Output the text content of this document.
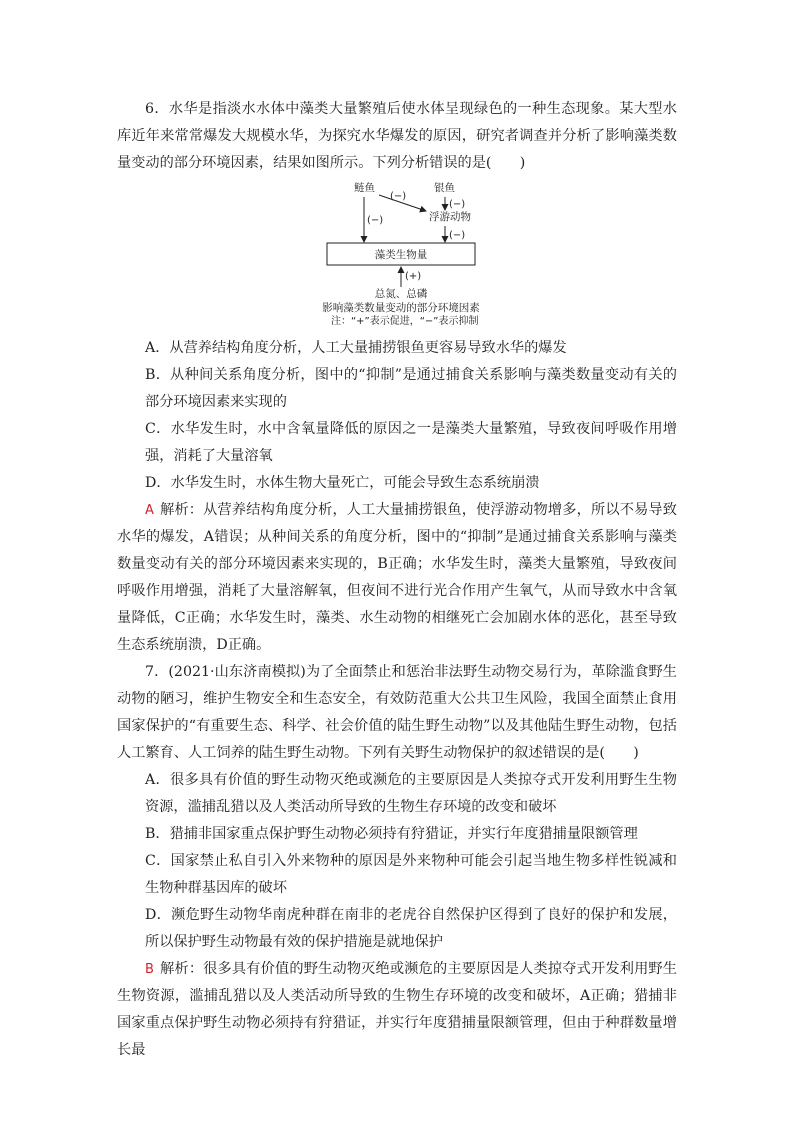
6．水华是指淡水水体中藻类大量繁殖后使水体呈现绿色的一种生态现象。某大型水库近年来常常爆发大规模水华，为探究水华爆发的原因，研究者调查并分析了影响藻类数量变动的部分环境因素，结果如图所示。下列分析错误的是(　　)

鲢鱼	银鱼
浮游动物
(−)
(−)
(−)
(−)
藻类生物量
(+)
总氮、总磷
影响藻类数量变动的部分环境因素
注：“+”表示促进，“−”表示抑制

A．从营养结构角度分析，人工大量捕捞银鱼更容易导致水华的爆发

B．从种间关系角度分析，图中的“抑制”是通过捕食关系影响与藻类数量变动有关的部分环境因素来实现的

C．水华发生时，水中含氧量降低的原因之一是藻类大量繁殖，导致夜间呼吸作用增强，消耗了大量溶氧

D．水华发生时，水体生物大量死亡，可能会导致生态系统崩溃

A 解析：从营养结构角度分析，人工大量捕捞银鱼，使浮游动物增多，所以不易导致水华的爆发，A错误；从种间关系的角度分析，图中的“抑制”是通过捕食关系影响与藻类数量变动有关的部分环境因素来实现的，B正确；水华发生时，藻类大量繁殖，导致夜间呼吸作用增强，消耗了大量溶解氧，但夜间不进行光合作用产生氧气，从而导致水中含氧量降低，C正确；水华发生时，藻类、水生动物的相继死亡会加剧水体的恶化，甚至导致生态系统崩溃，D正确。

7．(2021·山东济南模拟)为了全面禁止和惩治非法野生动物交易行为，革除滥食野生动物的陋习，维护生物安全和生态安全，有效防范重大公共卫生风险，我国全面禁止食用国家保护的“有重要生态、科学、社会价值的陆生野生动物”以及其他陆生野生动物，包括人工繁育、人工饲养的陆生野生动物。下列有关野生动物保护的叙述错误的是(　　)

A．很多具有价值的野生动物灭绝或濒危的主要原因是人类掠夺式开发利用野生生物资源，滥捕乱猎以及人类活动所导致的生物生存环境的改变和破坏

B．猎捕非国家重点保护野生动物必须持有狩猎证，并实行年度猎捕量限额管理

C．国家禁止私自引入外来物种的原因是外来物种可能会引起当地生物多样性锐减和生物种群基因库的破坏

D．濒危野生动物华南虎种群在南非的老虎谷自然保护区得到了良好的保护和发展，所以保护野生动物最有效的保护措施是就地保护

B 解析：很多具有价值的野生动物灭绝或濒危的主要原因是人类掠夺式开发利用野生生物资源，滥捕乱猎以及人类活动所导致的生物生存环境的改变和破坏，A正确；猎捕非国家重点保护野生动物必须持有狩猎证，并实行年度猎捕量限额管理，但由于种群数量增长最
